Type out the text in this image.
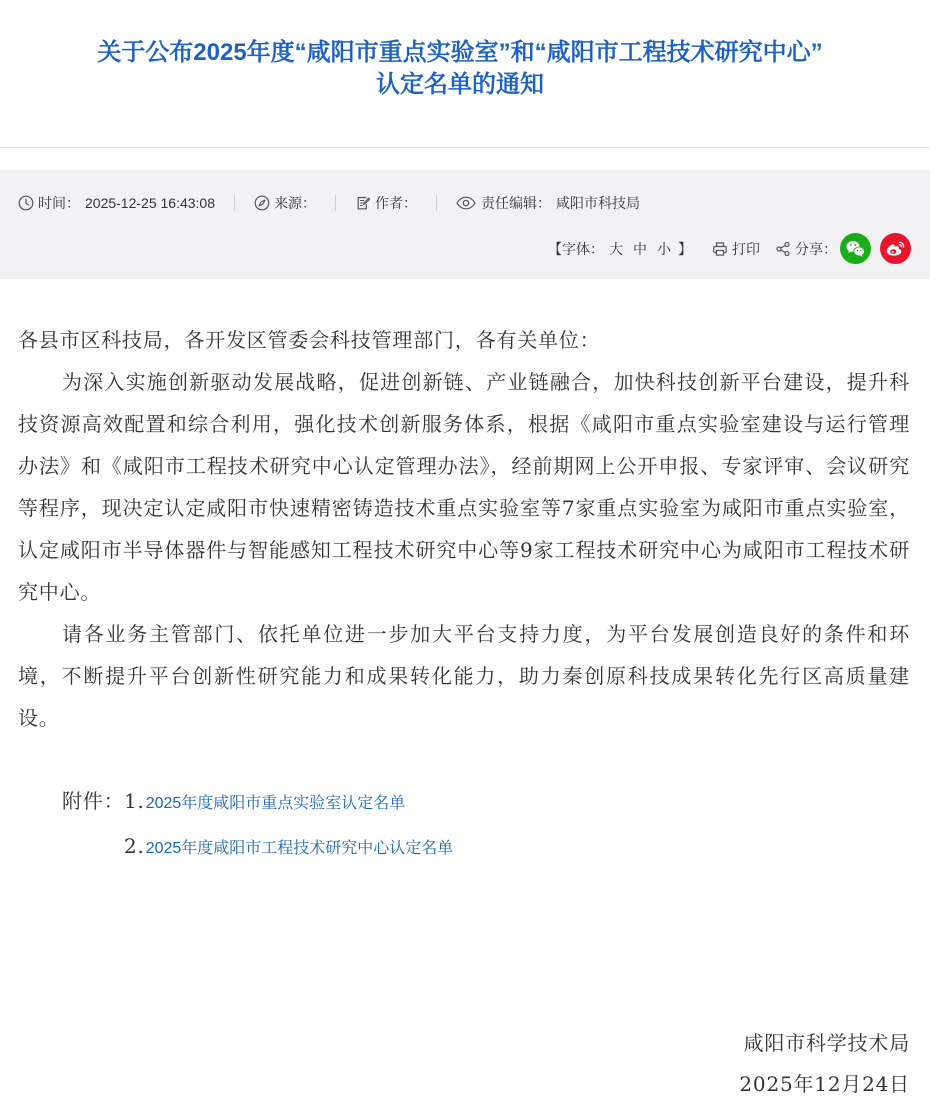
关于公布2025年度“咸阳市重点实验室”和“咸阳市工程技术研究中心”
认定名单的通知
时间： 2025-12-25 16:43:08	来源：	作者：	责任编辑： 咸阳市科技局
【字体： 大 中 小 】	打印	分享：

各县市区科技局，各开发区管委会科技管理部门，各有关单位：

为深入实施创新驱动发展战略，促进创新链、产业链融合，加快科技创新平台建设，提升科技资源高效配置和综合利用，强化技术创新服务体系，根据《咸阳市重点实验室建设与运行管理办法》和《咸阳市工程技术研究中心认定管理办法》，经前期网上公开申报、专家评审、会议研究等程序，现决定认定咸阳市快速精密铸造技术重点实验室等7家重点实验室为咸阳市重点实验室，认定咸阳市半导体器件与智能感知工程技术研究中心等9家工程技术研究中心为咸阳市工程技术研究中心。

请各业务主管部门、依托单位进一步加大平台支持力度，为平台发展创造良好的条件和环境，不断提升平台创新性研究能力和成果转化能力，助力秦创原科技成果转化先行区高质量建设。

附件： 1. 2025年度咸阳市重点实验室认定名单
2. 2025年度咸阳市工程技术研究中心认定名单
咸阳市科学技术局
2025年12月24日
